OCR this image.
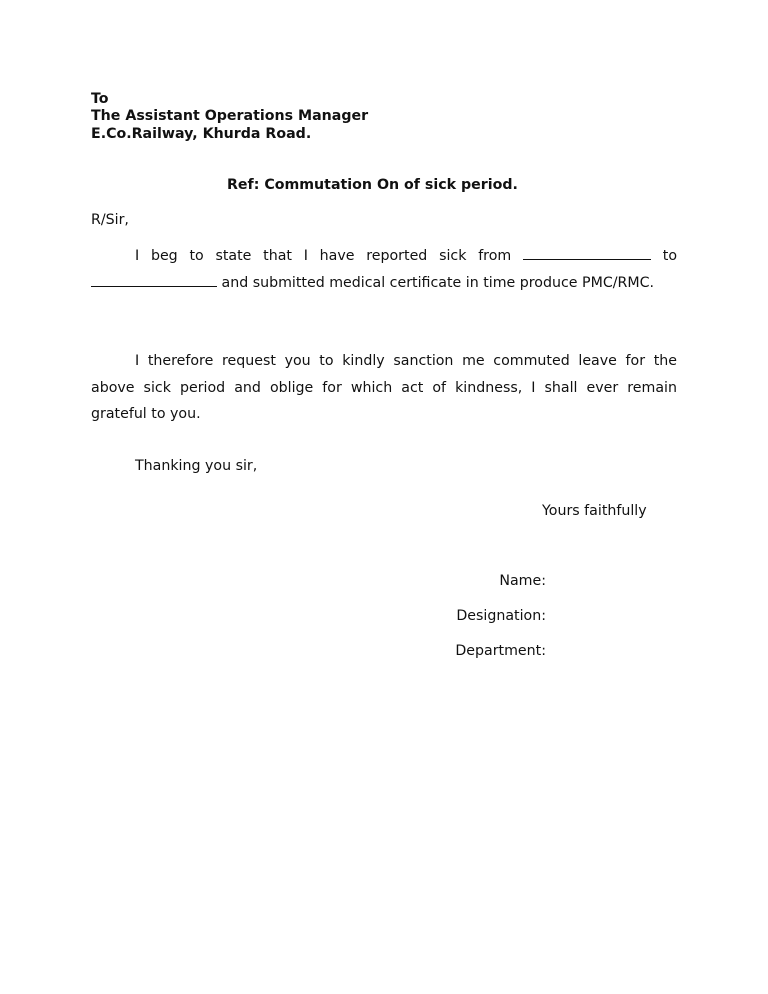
To
The Assistant Operations Manager
E.Co.Railway, Khurda Road.
Ref: Commutation On of sick period.
R/Sir,
I beg to state that I have reported sick from	to  and submitted medical certificate in time produce PMC/RMC.
I therefore request you to kindly sanction me commuted leave for the above sick period and oblige for which act of kindness, I shall ever remain grateful to you.
Thanking you sir,
Yours faithfully
Name:
Designation:
Department:
